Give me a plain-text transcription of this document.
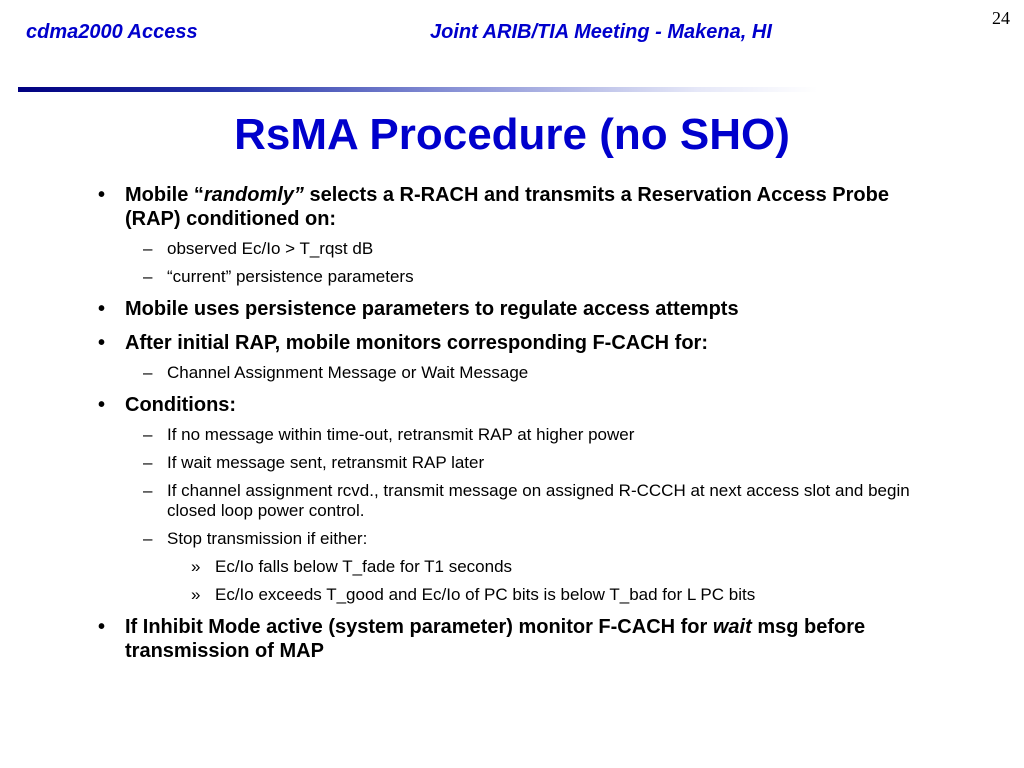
cdma2000 Access	Joint ARIB/TIA Meeting - Makena, HI
24
RsMA Procedure (no SHO)
• Mobile “randomly” selects a R-RACH and transmits a Reservation Access Probe (RAP) conditioned on:
– observed Ec/Io > T_rqst dB
– “current” persistence parameters
• Mobile uses persistence parameters to regulate access attempts
• After initial RAP, mobile monitors corresponding F-CACH for:
– Channel Assignment Message or Wait Message
• Conditions:
– If no message within time-out, retransmit RAP at higher power
– If wait message sent, retransmit RAP later
– If channel assignment rcvd., transmit message on assigned R-CCCH at next access slot and begin closed loop power control.
– Stop transmission if either:
» Ec/Io falls below T_fade for T1 seconds
» Ec/Io exceeds T_good and Ec/Io of PC bits is below T_bad for L PC bits
• If Inhibit Mode active (system parameter) monitor F-CACH for wait msg before transmission of MAP
